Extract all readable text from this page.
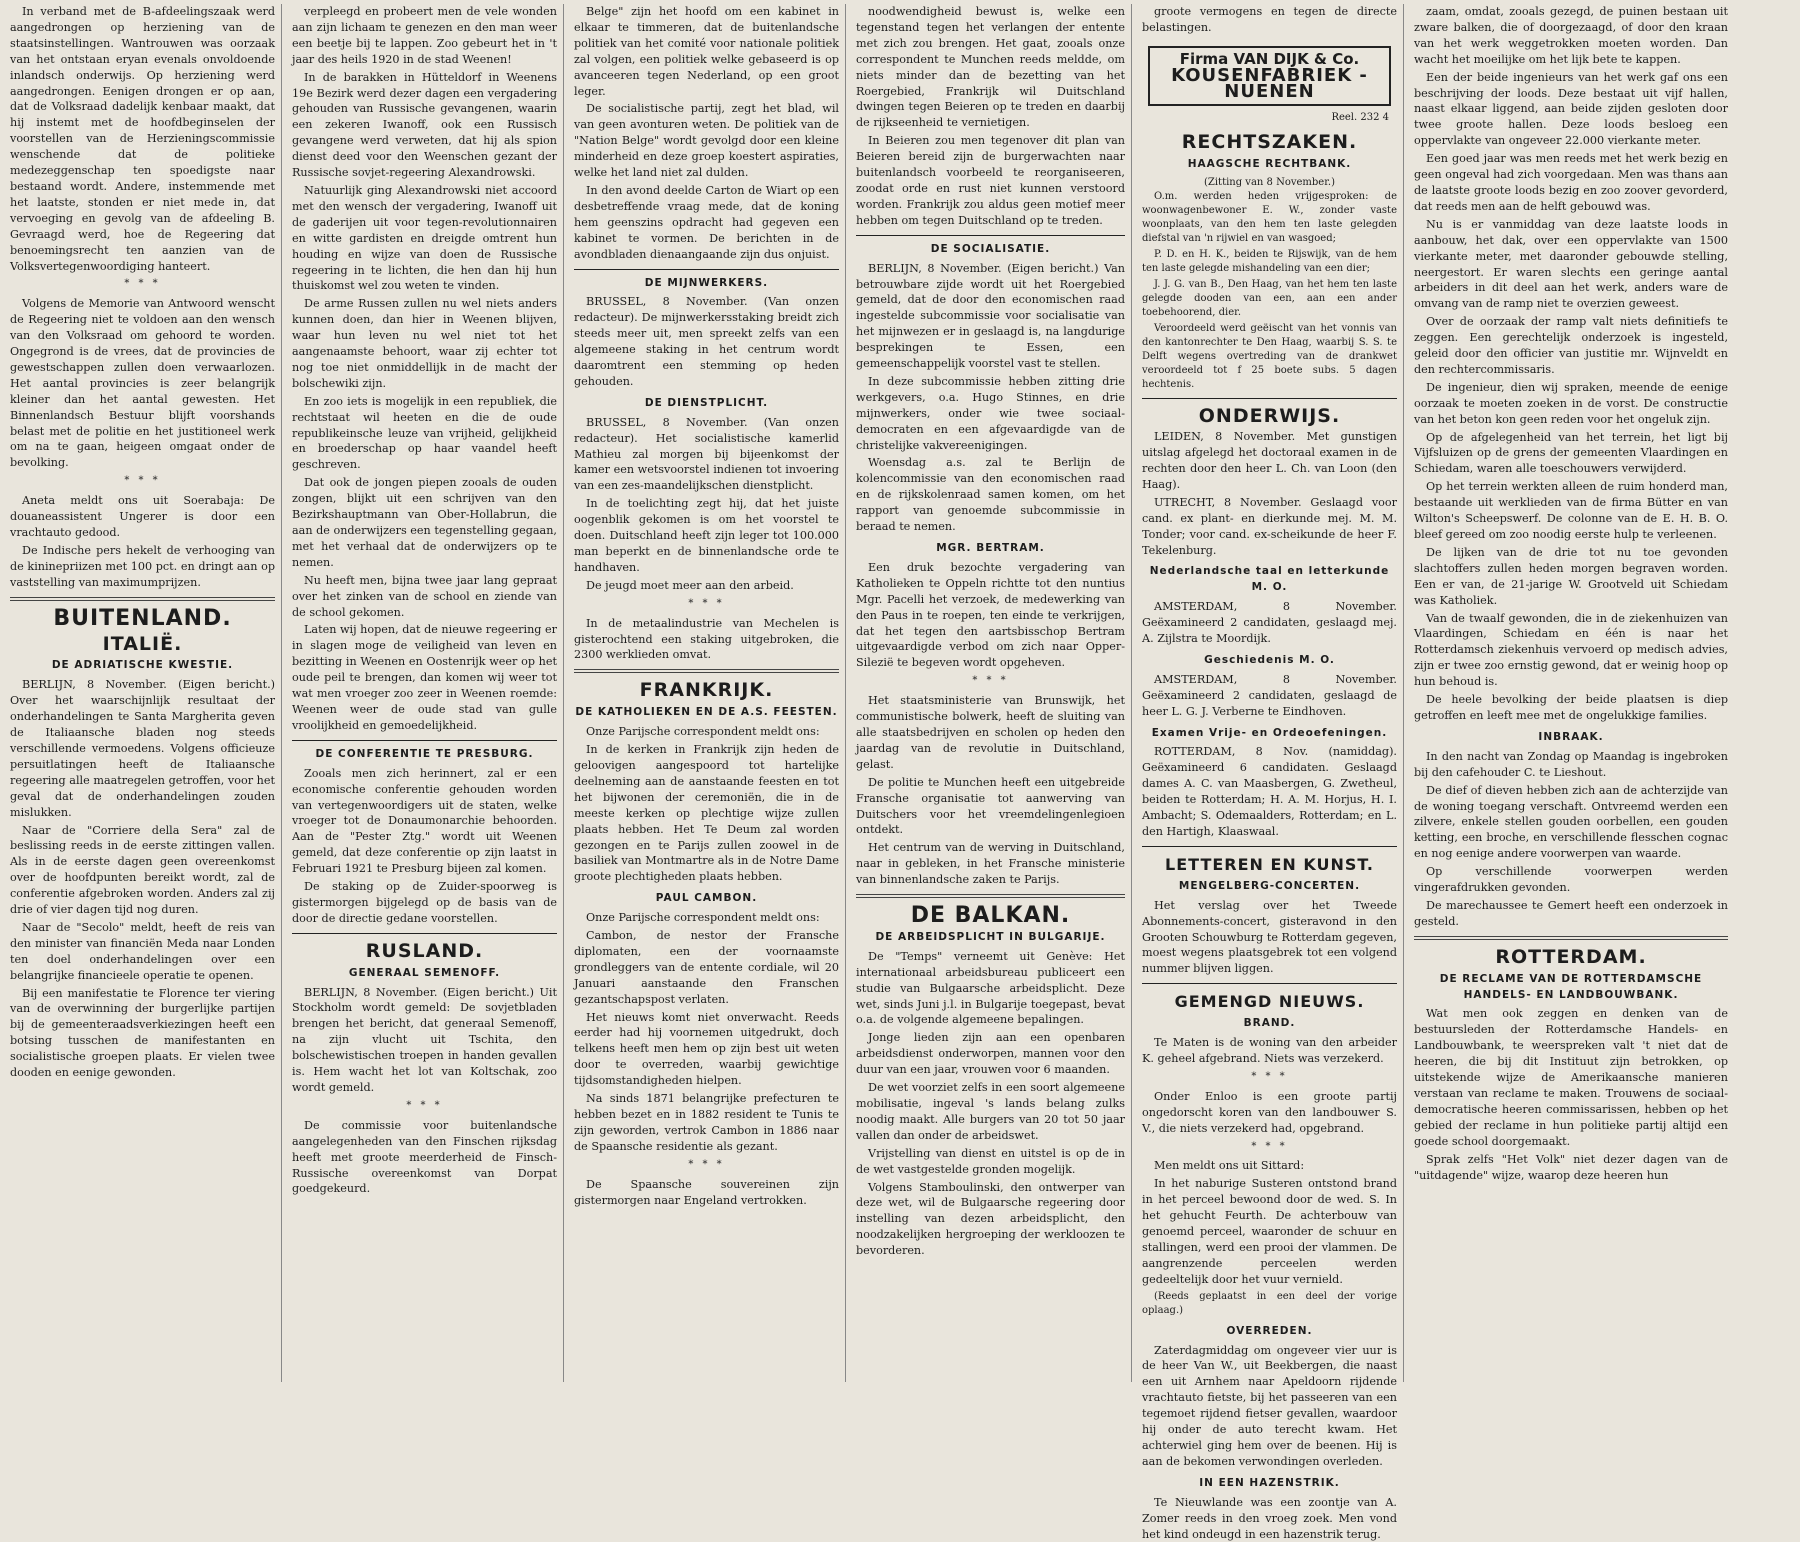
In verband met de B-afdeelingszaak werd aangedrongen op herziening van de staatsinstellingen. Wantrouwen was oorzaak van het ontstaan eryan evenals onvoldoende inlandsch onderwijs. Op herziening werd aangedrongen. Eenigen drongen er op aan, dat de Volksraad dadelijk kenbaar maakt, dat hij instemt met de hoofdbeginselen der voorstellen van de Herzieningscommissie wenschende dat de politieke medezeggenschap ten spoedigste naar bestaand wordt. Andere, instemmende met het laatste, stonden er niet mede in, dat vervoeging en gevolg van de afdeeling B. Gevraagd werd, hoe de Regeering dat benoemingsrecht ten aanzien van de Volksvertegenwoordiging hanteert.

* * *

Volgens de Memorie van Antwoord wenscht de Regeering niet te voldoen aan den wensch van den Volksraad om gehoord te worden. Ongegrond is de vrees, dat de provincies de gewestschappen zullen doen verwaarlozen. Het aantal provincies is zeer belangrijk kleiner dan het aantal gewesten. Het Binnenlandsch Bestuur blijft voorshands belast met de politie en het justitioneel werk om na te gaan, heigeen omgaat onder de bevolking.

* * *

Aneta meldt ons uit Soerabaja: De douaneassistent Ungerer is door een vrachtauto gedood.

De Indische pers hekelt de verhooging van de kininepriizen met 100 pct. en dringt aan op vaststelling van maximumprijzen.

BUITENLAND.
ITALIË.
DE ADRIATISCHE KWESTIE.

BERLIJN, 8 November. (Eigen bericht.) Over het waarschijnlijk resultaat der onderhandelingen te Santa Margherita geven de Italiaansche bladen nog steeds verschillende vermoedens. Volgens officieuze persuitlatingen heeft de Italiaansche regeering alle maatregelen getroffen, voor het geval dat de onderhandelingen zouden mislukken.

Naar de "Corriere della Sera" zal de beslissing reeds in de eerste zittingen vallen. Als in de eerste dagen geen overeenkomst over de hoofdpunten bereikt wordt, zal de conferentie afgebroken worden. Anders zal zij drie of vier dagen tijd nog duren.

Naar de "Secolo" meldt, heeft de reis van den minister van financiën Meda naar Londen ten doel onderhandelingen over een belangrijke financieele operatie te openen.

Bij een manifestatie te Florence ter viering van de overwinning der burgerlijke partijen bij de gemeenteraadsverkiezingen heeft een botsing tusschen de manifestanten en socialistische groepen plaats. Er vielen twee dooden en eenige gewonden.

verpleegd en probeert men de vele wonden aan zijn lichaam te genezen en den man weer een beetje bij te lappen. Zoo gebeurt het in 't jaar des heils 1920 in de stad Weenen!

In de barakken in Hütteldorf in Weenens 19e Bezirk werd dezer dagen een vergadering gehouden van Russische gevangenen, waarin een zekeren Iwanoff, ook een Russisch gevangene werd verweten, dat hij als spion dienst deed voor den Weenschen gezant der Russische sovjet-regeering Alexandrowski.

Natuurlijk ging Alexandrowski niet accoord met den wensch der vergadering, Iwanoff uit de gaderijen uit voor tegen-revolutionnairen en witte gardisten en dreigde omtrent hun houding en wijze van doen de Russische regeering in te lichten, die hen dan hij hun thuiskomst wel zou weten te vinden.

De arme Russen zullen nu wel niets anders kunnen doen, dan hier in Weenen blijven, waar hun leven nu wel niet tot het aangenaamste behoort, waar zij echter tot nog toe niet onmiddellijk in de macht der bolschewiki zijn.

En zoo iets is mogelijk in een republiek, die rechtstaat wil heeten en die de oude republikeinsche leuze van vrijheid, gelijkheid en broederschap op haar vaandel heeft geschreven.

Dat ook de jongen piepen zooals de ouden zongen, blijkt uit een schrijven van den Bezirkshauptmann van Ober-Hollabrun, die aan de onderwijzers een tegenstelling gegaan, met het verhaal dat de onderwijzers op te nemen.

Nu heeft men, bijna twee jaar lang gepraat over het zinken van de school en ziende van de school gekomen.

Laten wij hopen, dat de nieuwe regeering er in slagen moge de veiligheid van leven en bezitting in Weenen en Oostenrijk weer op het oude peil te brengen, dan komen wij weer tot wat men vroeger zoo zeer in Weenen roemde: Weenen weer de oude stad van gulle vroolijkheid en gemoedelijkheid.

DE CONFERENTIE TE PRESBURG.

Zooals men zich herinnert, zal er een economische conferentie gehouden worden van vertegenwoordigers uit de staten, welke vroeger tot de Donaumonarchie behoorden. Aan de "Pester Ztg." wordt uit Weenen gemeld, dat deze conferentie op zijn laatst in Februari 1921 te Presburg bijeen zal komen.

De staking op de Zuider-spoorweg is gistermorgen bijgelegd op de basis van de door de directie gedane voorstellen.

RUSLAND.
GENERAAL SEMENOFF.

BERLIJN, 8 November. (Eigen bericht.) Uit Stockholm wordt gemeld: De sovjetbladen brengen het bericht, dat generaal Semenoff, na zijn vlucht uit Tschita, den bolschewistischen troepen in handen gevallen is. Hem wacht het lot van Koltschak, zoo wordt gemeld.

* * *

De commissie voor buitenlandsche aangelegenheden van den Finschen rijksdag heeft met groote meerderheid de Finsch-Russische overeenkomst van Dorpat goedgekeurd.

Belge" zijn het hoofd om een kabinet in elkaar te timmeren, dat de buitenlandsche politiek van het comité voor nationale politiek zal volgen, een politiek welke gebaseerd is op avanceeren tegen Nederland, op een groot leger.

De socialistische partij, zegt het blad, wil van geen avonturen weten. De politiek van de "Nation Belge" wordt gevolgd door een kleine minderheid en deze groep koestert aspiraties, welke het land niet zal dulden.

In den avond deelde Carton de Wiart op een desbetreffende vraag mede, dat de koning hem geenszins opdracht had gegeven een kabinet te vormen. De berichten in de avondbladen dienaangaande zijn dus onjuist.

DE MIJNWERKERS.

BRUSSEL, 8 November. (Van onzen redacteur). De mijnwerkersstaking breidt zich steeds meer uit, men spreekt zelfs van een algemeene staking in het centrum wordt daaromtrent een stemming op heden gehouden.

DE DIENSTPLICHT.

BRUSSEL, 8 November. (Van onzen redacteur). Het socialistische kamerlid Mathieu zal morgen bij bijeenkomst der kamer een wetsvoorstel indienen tot invoering van een zes-maandelijkschen dienstplicht.

In de toelichting zegt hij, dat het juiste oogenblik gekomen is om het voorstel te doen. Duitschland heeft zijn leger tot 100.000 man beperkt en de binnenlandsche orde te handhaven.

De jeugd moet meer aan den arbeid.

* * *

In de metaalindustrie van Mechelen is gisterochtend een staking uitgebroken, die 2300 werklieden omvat.

FRANKRIJK.
DE KATHOLIEKEN EN DE A.S. FEESTEN.

Onze Parijsche correspondent meldt ons:

In de kerken in Frankrijk zijn heden de geloovigen aangespoord tot hartelijke deelneming aan de aanstaande feesten en tot het bijwonen der ceremoniën, die in de meeste kerken op plechtige wijze zullen plaats hebben. Het Te Deum zal worden gezongen en te Parijs zullen zoowel in de basiliek van Montmartre als in de Notre Dame groote plechtigheden plaats hebben.

PAUL CAMBON.

Onze Parijsche correspondent meldt ons:

Cambon, de nestor der Fransche diplomaten, een der voornaamste grondleggers van de entente cordiale, wil 20 Januari aanstaande den Franschen gezantschapspost verlaten.

Het nieuws komt niet onverwacht. Reeds eerder had hij voornemen uitgedrukt, doch telkens heeft men hem op zijn best uit weten door te overreden, waarbij gewichtige tijdsomstandigheden hielpen.

Na sinds 1871 belangrijke prefecturen te hebben bezet en in 1882 resident te Tunis te zijn geworden, vertrok Cambon in 1886 naar de Spaansche residentie als gezant.

* * *

De Spaansche souvereinen zijn gistermorgen naar Engeland vertrokken.

noodwendigheid bewust is, welke een tegenstand tegen het verlangen der entente met zich zou brengen. Het gaat, zooals onze correspondent te Munchen reeds meldde, om niets minder dan de bezetting van het Roergebied, Frankrijk wil Duitschland dwingen tegen Beieren op te treden en daarbij de rijkseenheid te vernietigen.

In Beieren zou men tegenover dit plan van Beieren bereid zijn de burgerwachten naar buitenlandsch voorbeeld te reorganiseeren, zoodat orde en rust niet kunnen verstoord worden. Frankrijk zou aldus geen motief meer hebben om tegen Duitschland op te treden.

DE SOCIALISATIE.

BERLIJN, 8 November. (Eigen bericht.) Van betrouwbare zijde wordt uit het Roergebied gemeld, dat de door den economischen raad ingestelde subcommissie voor socialisatie van het mijnwezen er in geslaagd is, na langdurige besprekingen te Essen, een gemeenschappelijk voorstel vast te stellen.

In deze subcommissie hebben zitting drie werkgevers, o.a. Hugo Stinnes, en drie mijnwerkers, onder wie twee sociaal-democraten en een afgevaardigde van de christelijke vakvereenigingen.

Woensdag a.s. zal te Berlijn de kolencommissie van den economischen raad en de rijkskolenraad samen komen, om het rapport van genoemde subcommissie in beraad te nemen.

MGR. BERTRAM.

Een druk bezochte vergadering van Katholieken te Oppeln richtte tot den nuntius Mgr. Pacelli het verzoek, de medewerking van den Paus in te roepen, ten einde te verkrijgen, dat het tegen den aartsbisschop Bertram uitgevaardigde verbod om zich naar Opper-Silezië te begeven wordt opgeheven.

* * *

Het staatsministerie van Brunswijk, het communistische bolwerk, heeft de sluiting van alle staatsbedrijven en scholen op heden den jaardag van de revolutie in Duitschland, gelast.

De politie te Munchen heeft een uitgebreide Fransche organisatie tot aanwerving van Duitschers voor het vreemdelingenlegioen ontdekt.

Het centrum van de werving in Duitschland, naar in gebleken, in het Fransche ministerie van binnenlandsche zaken te Parijs.

DE BALKAN.
DE ARBEIDSPLICHT IN BULGARIJE.

De "Temps" verneemt uit Genève: Het internationaal arbeidsbureau publiceert een studie van Bulgaarsche arbeidsplicht. Deze wet, sinds Juni j.l. in Bulgarije toegepast, bevat o.a. de volgende algemeene bepalingen.

Jonge lieden zijn aan een openbaren arbeidsdienst onderworpen, mannen voor den duur van een jaar, vrouwen voor 6 maanden.

De wet voorziet zelfs in een soort algemeene mobilisatie, ingeval 's lands belang zulks noodig maakt. Alle burgers van 20 tot 50 jaar vallen dan onder de arbeidswet.

Vrijstelling van dienst en uitstel is op de in de wet vastgestelde gronden mogelijk.

Volgens Stamboulinski, den ontwerper van deze wet, wil de Bulgaarsche regeering door instelling van dezen arbeidsplicht, den noodzakelijken hergroeping der werkloozen te bevorderen.

groote vermogens en tegen de directe belastingen.

Firma VAN DIJK & Co.
KOUSENFABRIEK - NUENEN
Reel. 232 4
RECHTSZAKEN.
HAAGSCHE RECHTBANK.
(Zitting van 8 November.)

O.m. werden heden vrijgesproken: de woonwagenbewoner E. W., zonder vaste woonplaats, van den hem ten laste gelegden diefstal van 'n rijwiel en van wasgoed;

P. D. en H. K., beiden te Rijswijk, van de hem ten laste gelegde mishandeling van een dier;

J. J. G. van B., Den Haag, van het hem ten laste gelegde dooden van een, aan een ander toebehoorend, dier.

Veroordeeld werd geëischt van het vonnis van den kantonrechter te Den Haag, waarbij S. S. te Delft wegens overtreding van de drankwet veroordeeld tot f 25 boete subs. 5 dagen hechtenis.

ONDERWIJS.

LEIDEN, 8 November. Met gunstigen uitslag afgelegd het doctoraal examen in de rechten door den heer L. Ch. van Loon (den Haag).

UTRECHT, 8 November. Geslaagd voor cand. ex plant- en dierkunde mej. M. M. Tonder; voor cand. ex-scheikunde de heer F. Tekelenburg.

Nederlandsche taal en letterkunde M. O.

AMSTERDAM, 8 November. Geëxamineerd 2 candidaten, geslaagd mej. A. Zijlstra te Moordijk.

Geschiedenis M. O.

AMSTERDAM, 8 November. Geëxamineerd 2 candidaten, geslaagd de heer L. G. J. Verberne te Eindhoven.

Examen Vrije- en Ordeoefeningen.

ROTTERDAM, 8 Nov. (namiddag). Geëxamineerd 6 candidaten. Geslaagd dames A. C. van Maasbergen, G. Zwetheul, beiden te Rotterdam; H. A. M. Horjus, H. I. Ambacht; S. Odemaalders, Rotterdam; en L. den Hartigh, Klaaswaal.

LETTEREN EN KUNST.
MENGELBERG-CONCERTEN.

Het verslag over het Tweede Abonnements-concert, gisteravond in den Grooten Schouwburg te Rotterdam gegeven, moest wegens plaatsgebrek tot een volgend nummer blijven liggen.

GEMENGD NIEUWS.
BRAND.

Te Maten is de woning van den arbeider K. geheel afgebrand. Niets was verzekerd.

* * *

Onder Enloo is een groote partij ongedorscht koren van den landbouwer S. V., die niets verzekerd had, opgebrand.

* * *

Men meldt ons uit Sittard:

In het naburige Susteren ontstond brand in het perceel bewoond door de wed. S. In het gehucht Feurth. De achterbouw van genoemd perceel, waaronder de schuur en stallingen, werd een prooi der vlammen. De aangrenzende perceelen werden gedeeltelijk door het vuur vernield.

(Reeds geplaatst in een deel der vorige oplaag.)

OVERREDEN.

Zaterdagmiddag om ongeveer vier uur is de heer Van W., uit Beekbergen, die naast een uit Arnhem naar Apeldoorn rijdende vrachtauto fietste, bij het passeeren van een tegemoet rijdend fietser gevallen, waardoor hij onder de auto terecht kwam. Het achterwiel ging hem over de beenen. Hij is aan de bekomen verwondingen overleden.

IN EEN HAZENSTRIK.

Te Nieuwlande was een zoontje van A. Zomer reeds in den vroeg zoek. Men vond het kind ondeugd in een hazenstrik terug.

zaam, omdat, zooals gezegd, de puinen bestaan uit zware balken, die of doorgezaagd, of door den kraan van het werk weggetrokken moeten worden. Dan wacht het moeilijke om het lijk bete te kappen.

Een der beide ingenieurs van het werk gaf ons een beschrijving der loods. Deze bestaat uit vijf hallen, naast elkaar liggend, aan beide zijden gesloten door twee groote hallen. Deze loods besloeg een oppervlakte van ongeveer 22.000 vierkante meter.

Een goed jaar was men reeds met het werk bezig en geen ongeval had zich voorgedaan. Men was thans aan de laatste groote loods bezig en zoo zoover gevorderd, dat reeds men aan de helft gebouwd was.

Nu is er vanmiddag van deze laatste loods in aanbouw, het dak, over een oppervlakte van 1500 vierkante meter, met daaronder gebouwde stelling, neergestort. Er waren slechts een geringe aantal arbeiders in dit deel aan het werk, anders ware de omvang van de ramp niet te overzien geweest.

Over de oorzaak der ramp valt niets definitiefs te zeggen. Een gerechtelijk onderzoek is ingesteld, geleid door den officier van justitie mr. Wijnveldt en den rechtercommissaris.

De ingenieur, dien wij spraken, meende de eenige oorzaak te moeten zoeken in de vorst. De constructie van het beton kon geen reden voor het ongeluk zijn.

Op de afgelegenheid van het terrein, het ligt bij Vijfsluizen op de grens der gemeenten Vlaardingen en Schiedam, waren alle toeschouwers verwijderd.

Op het terrein werkten alleen de ruim honderd man, bestaande uit werklieden van de firma Bütter en van Wilton's Scheepswerf. De colonne van de E. H. B. O. bleef gereed om zoo noodig eerste hulp te verleenen.

De lijken van de drie tot nu toe gevonden slachtoffers zullen heden morgen begraven worden. Een er van, de 21-jarige W. Grootveld uit Schiedam was Katholiek.

Van de twaalf gewonden, die in de ziekenhuizen van Vlaardingen, Schiedam en één is naar het Rotterdamsch ziekenhuis vervoerd op medisch advies, zijn er twee zoo ernstig gewond, dat er weinig hoop op hun behoud is.

De heele bevolking der beide plaatsen is diep getroffen en leeft mee met de ongelukkige families.

INBRAAK.

In den nacht van Zondag op Maandag is ingebroken bij den cafehouder C. te Lieshout.

De dief of dieven hebben zich aan de achterzijde van de woning toegang verschaft. Ontvreemd werden een zilvere, enkele stellen gouden oorbellen, een gouden ketting, een broche, en verschillende flesschen cognac en nog eenige andere voorwerpen van waarde.

Op verschillende voorwerpen werden vingerafdrukken gevonden.

De marechaussee te Gemert heeft een onderzoek in gesteld.

ROTTERDAM.
DE RECLAME VAN DE ROTTERDAMSCHE HANDELS- EN LANDBOUWBANK.

Wat men ook zeggen en denken van de bestuursleden der Rotterdamsche Handels- en Landbouwbank, te weerspreken valt 't niet dat de heeren, die bij dit Instituut zijn betrokken, op uitstekende wijze de Amerikaansche manieren verstaan van reclame te maken. Trouwens de sociaal-democratische heeren commissarissen, hebben op het gebied der reclame in hun politieke partij altijd een goede school doorgemaakt.

Sprak zelfs "Het Volk" niet dezer dagen van de "uitdagende" wijze, waarop deze heeren hun
